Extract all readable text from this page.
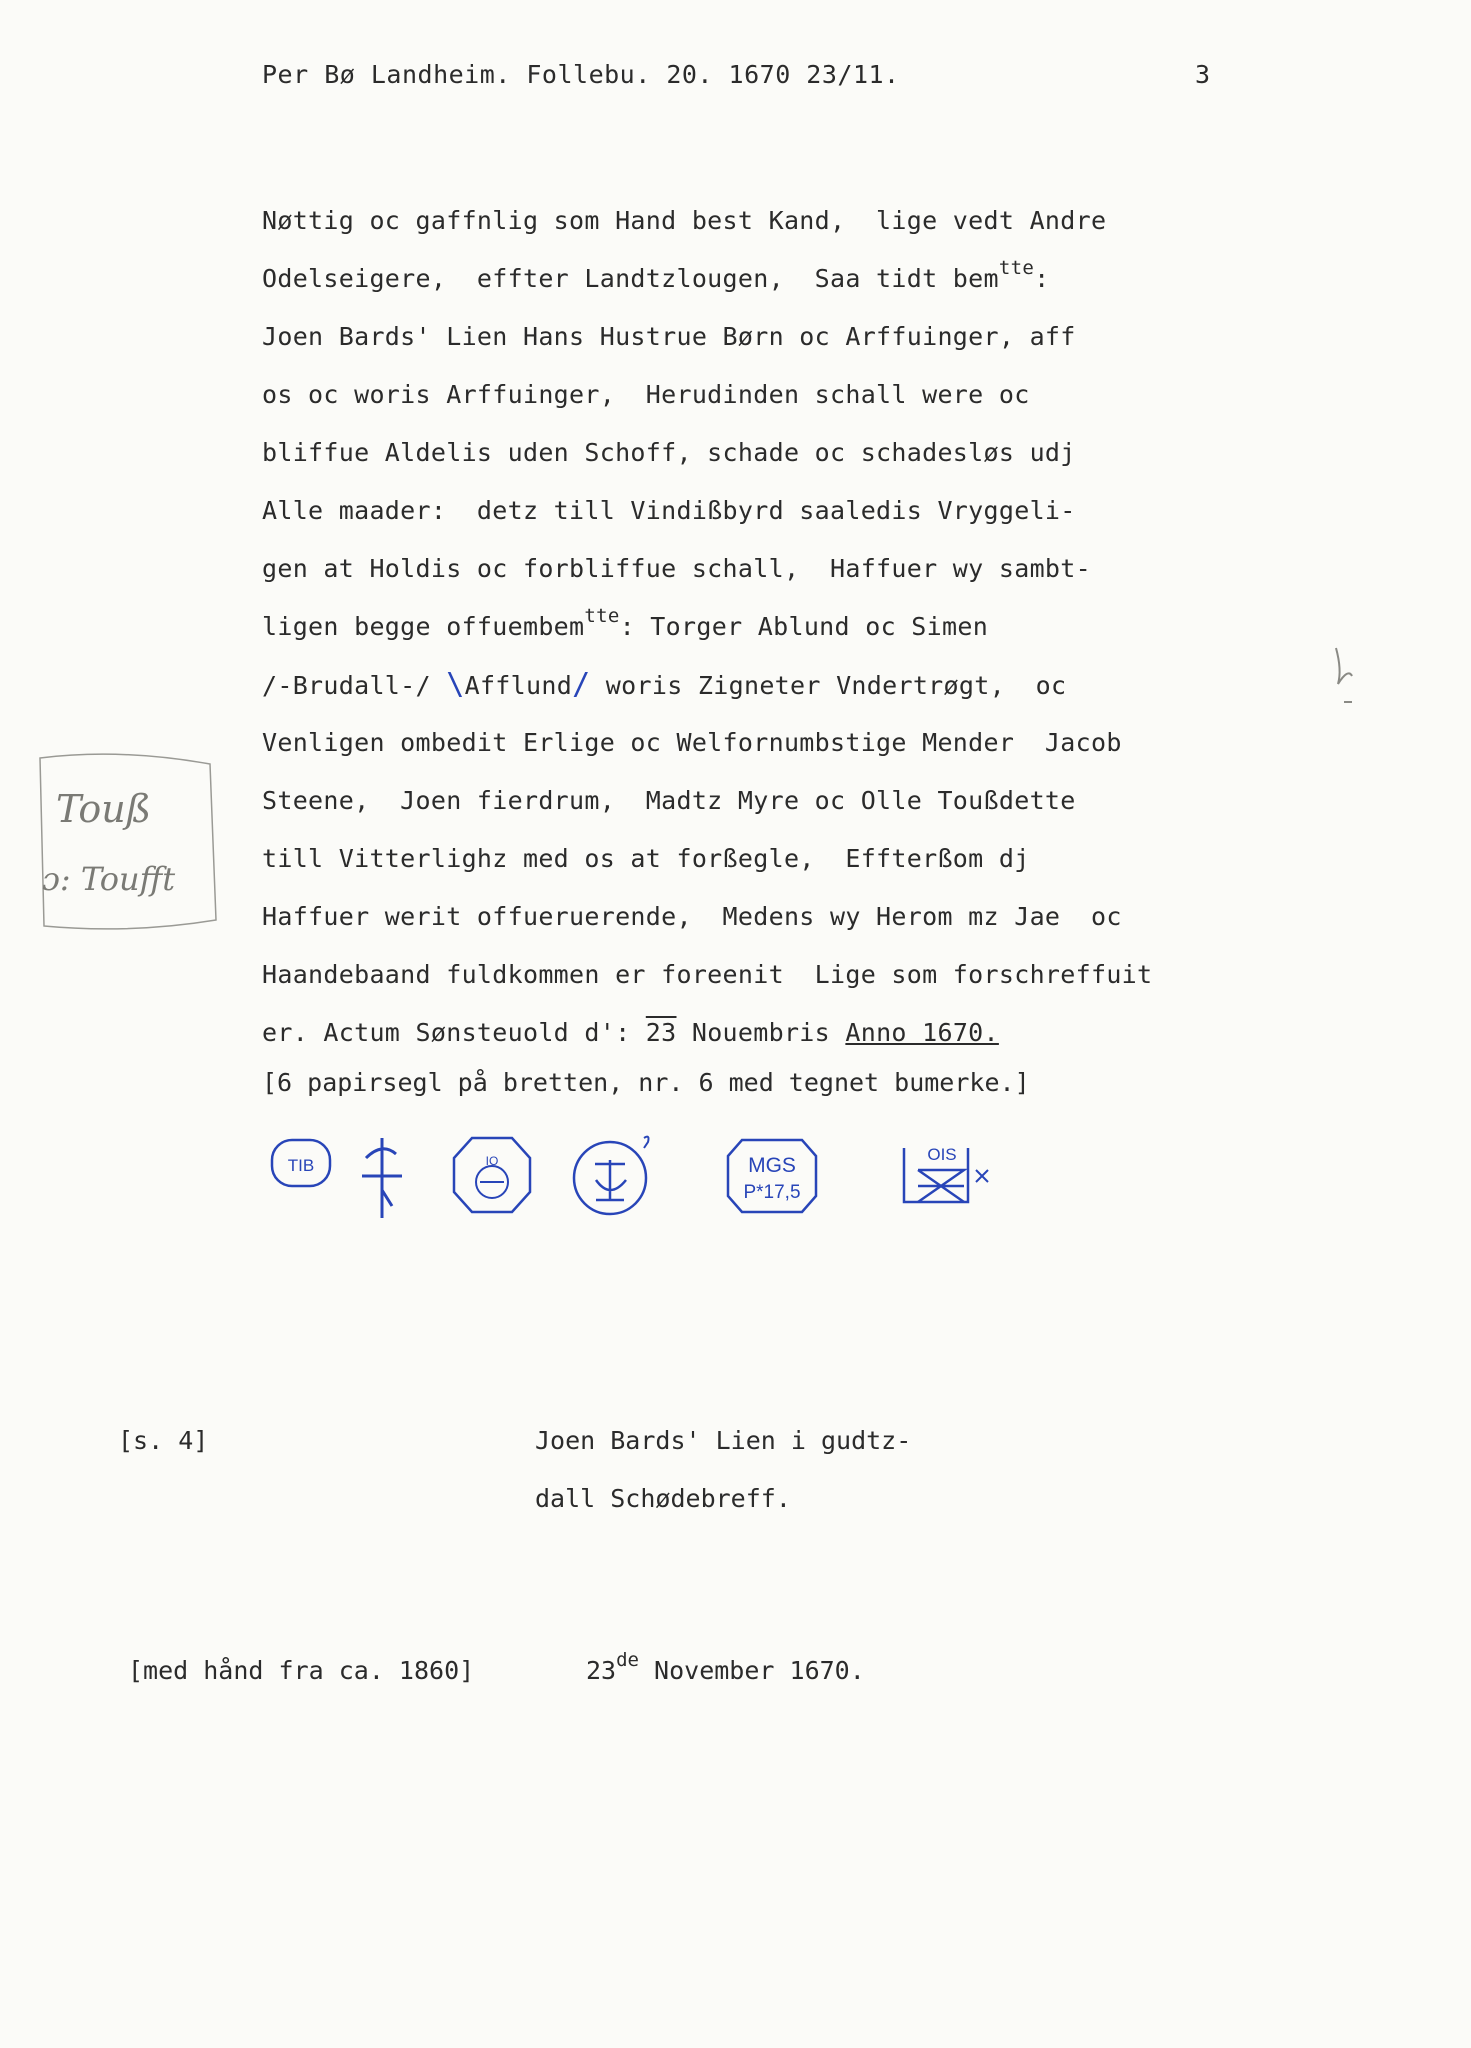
Per Bø Landheim. Follebu. 20. 1670 23/11.	3
Nøttig oc gaffnlig som Hand best Kand,  lige vedt Andre
Odelseigere,  effter Landtzlougen,  Saa tidt bem$^{tte}$:
Joen Bards' Lien Hans Hustrue Børn oc Arffuinger, aff
os oc woris Arffuinger,  Herudinden schall were oc
bliffue Aldelis uden Schoff, schade oc schadesløs udj
Alle maader:  detz till Vindißbyrd saaledis Vryggeli-
gen at Holdis oc forbliffue schall,  Haffuer wy sambt-
ligen begge offuembem$^{tte}$: Torger Ablund oc Simen
/-Brudall-/ \Afflund/ woris Zigneter Vndertrøgt,  oc
Venligen ombedit Erlige oc Welfornumbstige Mender  Jacob
Steene,  Joen fierdrum,  Madtz Myre oc Olle Toußdette
till Vitterlighz med os at forßegle,  Effterßom dj
Haffuer werit offueruerende,  Medens wy Herom mz Jae  oc
Haandebaand fuldkommen er foreenit  Lige som forschreffuit
er. Actum Sønsteuold d': 23 Nouembris Anno 1670.
[6 papirsegl på bretten, nr. 6 med tegnet bumerke.]
TIB	IO	MGS
P*17,5
OIS
Touß
ɔ: Toufft
[s. 4]	Joen Bards' Lien i gudtz-
dall Schødebreff.
[med hånd fra ca. 1860]	23de November 1670.
